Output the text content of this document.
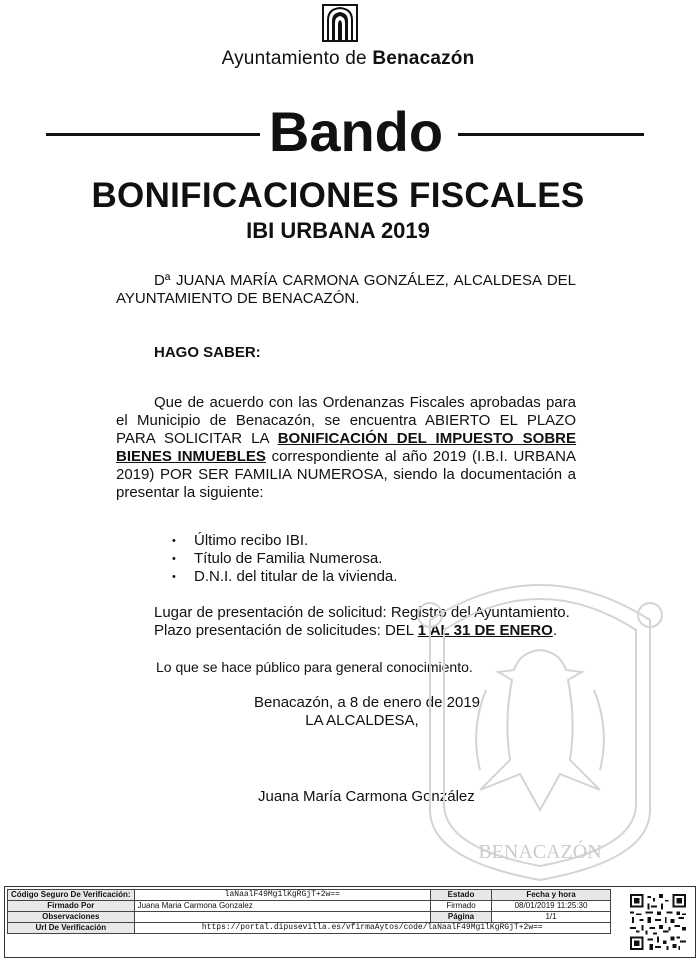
Ayuntamiento de Benacazón
Bando
BONIFICACIONES FISCALES
IBI URBANA 2019
Dª JUANA MARÍA CARMONA GONZÁLEZ, ALCALDESA DEL AYUNTAMIENTO DE BENACAZÓN.
HAGO SABER:
Que de acuerdo con las Ordenanzas Fiscales aprobadas para el Municipio de Benacazón, se encuentra ABIERTO EL PLAZO PARA SOLICITAR LA BONIFICACIÓN DEL IMPUESTO SOBRE BIENES INMUEBLES correspondiente al año 2019 (I.B.I. URBANA 2019) POR SER FAMILIA NUMEROSA, siendo la documentación a presentar la siguiente:
• Último recibo IBI.
• Título de Familia Numerosa.
• D.N.I. del titular de la vivienda.
Lugar de presentación de solicitud: Registro del Ayuntamiento.
Plazo presentación de solicitudes: DEL 1 AL 31 DE ENERO.
Lo que se hace público para general conocimiento.
Benacazón, a 8 de enero de 2019
LA ALCALDESA,
Juana María Carmona González
BENACAZÓN
Código Seguro De Verificación:	laNaalF49Mg1lKgRGjT+2w==	Estado	Fecha y hora
Firmado Por	Juana Maria Carmona Gonzalez	Firmado	08/01/2019 11:25:30
Observaciones		Página	1/1
Url De Verificación	https://portal.dipusevilla.es/vfirmaAytos/code/laNaalF49Mg1lKgRGjT+2w==		
